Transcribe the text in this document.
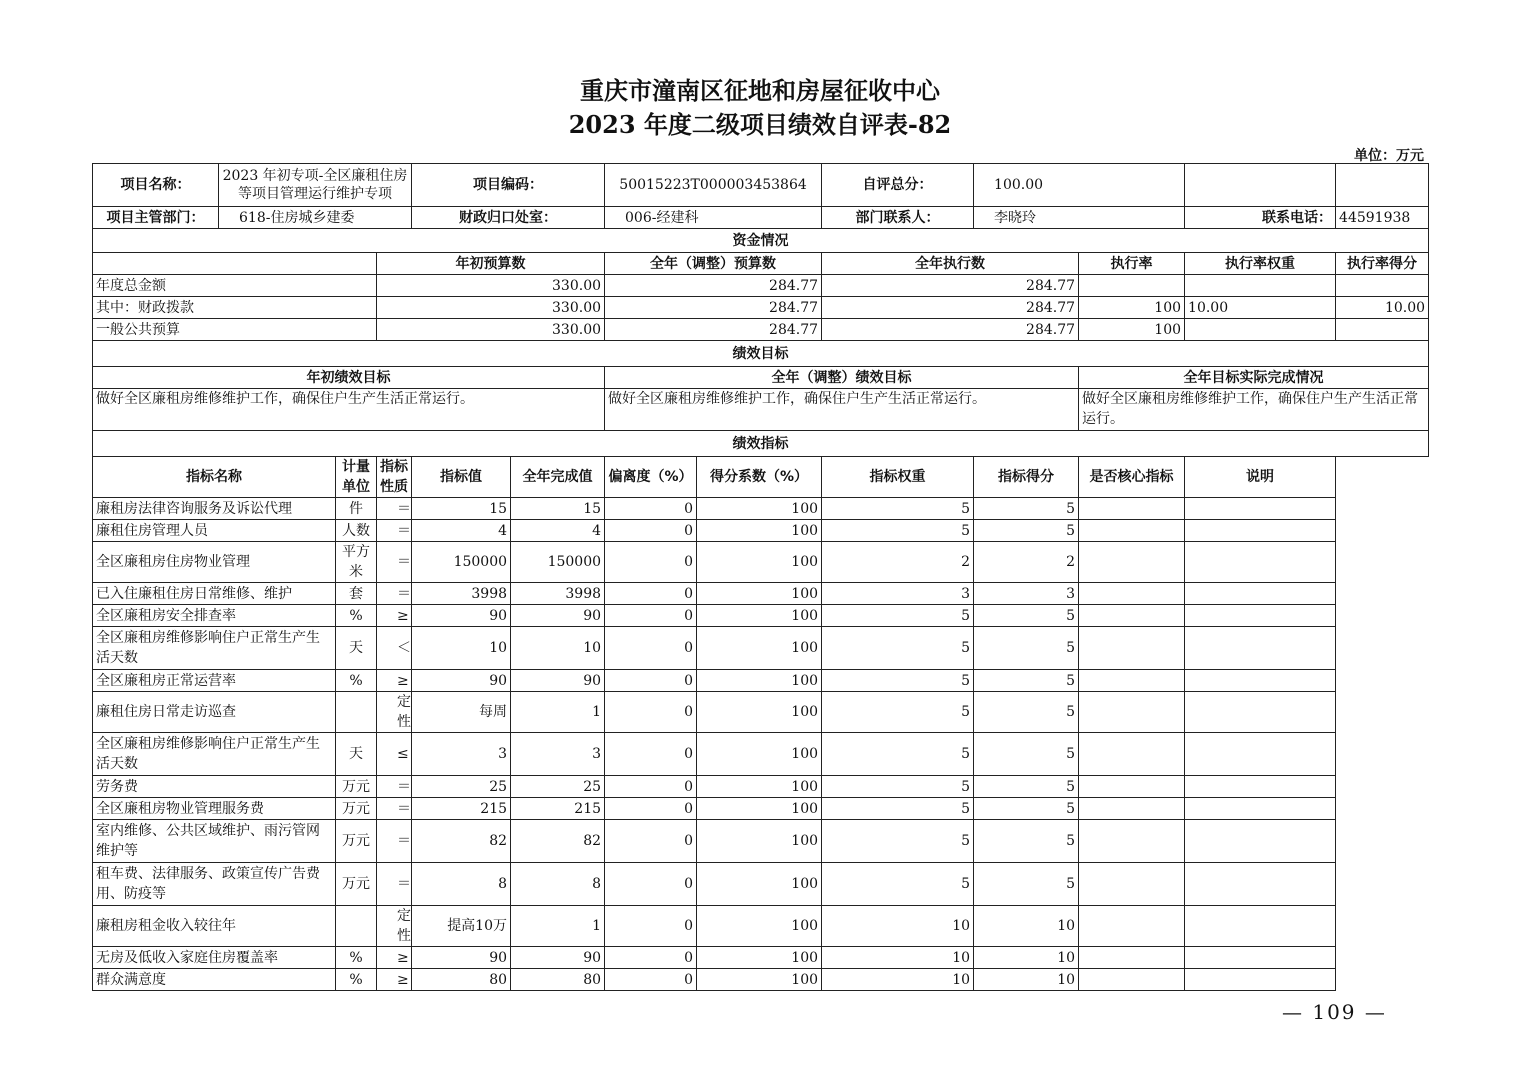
重庆市潼南区征地和房屋征收中心
2023 年度二级项目绩效自评表-82
单位：万元
项目名称：	2023 年初专项-全区廉租住房等项目管理运行维护专项			项目编码：		50015223T000003453864		自评总分：	100.00			
项目主管部门：	618-住房城乡建委			财政归口处室：		006-经建科		部门联系人：	李晓玲		联系电话：	44591938
资金情况												
			年初预算数			全年（调整）预算数		全年执行数		执行率	执行率权重	执行率得分
年度总金额			330.00			284.77		284.77				
其中：财政拨款			330.00			284.77		284.77		100	10.00	10.00
一般公共预算			330.00			284.77		284.77		100		
绩效目标												
年初绩效目标						全年（调整）绩效目标				全年目标实际完成情况		
做好全区廉租房维修维护工作，确保住户生产生活正常运行。						做好全区廉租房维修维护工作，确保住户生产生活正常运行。				做好全区廉租房维修维护工作，确保住户生产生活正常运行。		
绩效指标												
指标名称		计量单位	指标性质	指标值	全年完成值	偏离度（%）	得分系数（%）	指标权重	指标得分	是否核心指标	说明	
廉租房法律咨询服务及诉讼代理		件	＝	15	15	0	100	5	5			
廉租住房管理人员		人数	＝	4	4	0	100	5	5			
全区廉租房住房物业管理		平方米	＝	150000	150000	0	100	2	2			
已入住廉租住房日常维修、维护		套	＝	3998	3998	0	100	3	3			
全区廉租房安全排查率		%	≥	90	90	0	100	5	5			
全区廉租房维修影响住户正常生产生活天数		天	＜	10	10	0	100	5	5			
全区廉租房正常运营率		%	≥	90	90	0	100	5	5			
廉租住房日常走访巡查			定性	每周	1	0	100	5	5			
全区廉租房维修影响住户正常生产生活天数		天	≤	3	3	0	100	5	5			
劳务费		万元	＝	25	25	0	100	5	5			
全区廉租房物业管理服务费		万元	＝	215	215	0	100	5	5			
室内维修、公共区域维护、雨污管网维护等		万元	＝	82	82	0	100	5	5			
租车费、法律服务、政策宣传广告费用、防疫等		万元	＝	8	8	0	100	5	5			
廉租房租金收入较往年			定性	提高10万	1	0	100	10	10			
无房及低收入家庭住房覆盖率		%	≥	90	90	0	100	10	10			
群众满意度		%	≥	80	80	0	100	10	10			
— 109 —
